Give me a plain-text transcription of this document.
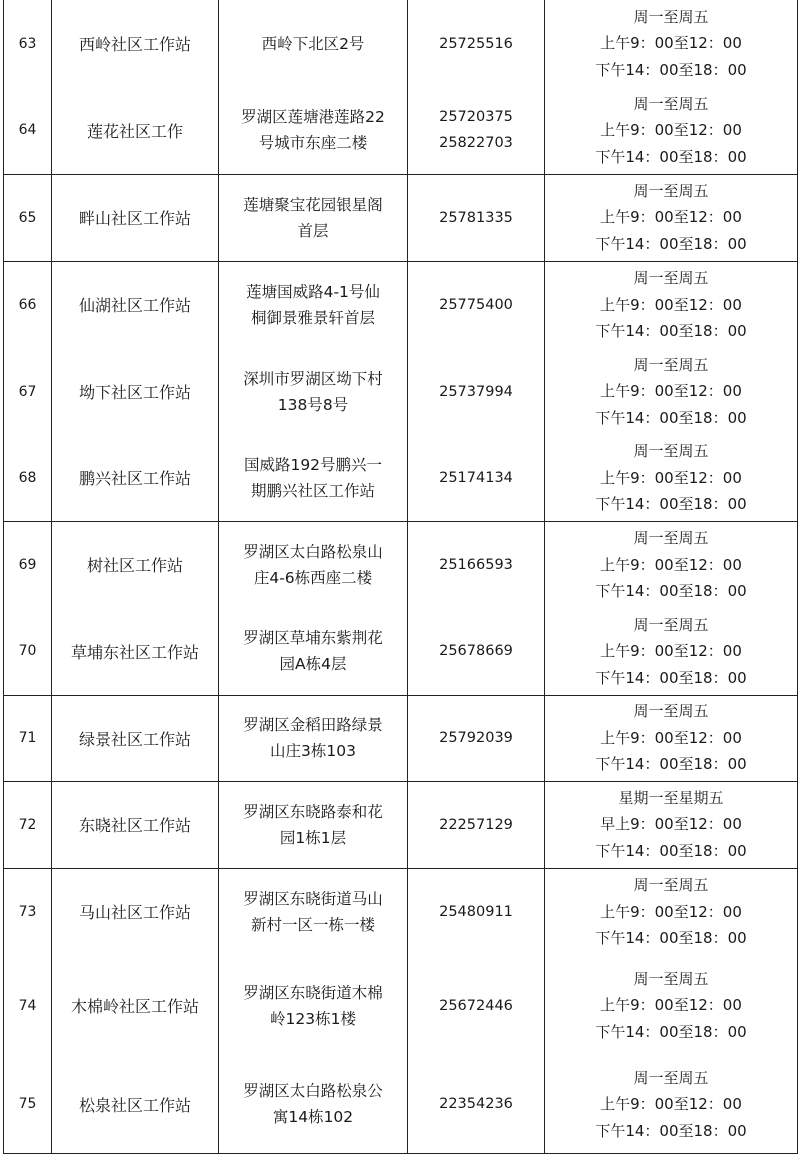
63	西岭社区工作站	西岭下北区2号	25725516	周一至周五
上午9：00至12：00
下午14：00至18：00

64	莲花社区工作	罗湖区莲塘港莲路22
号城市东座二楼	25720375
25822703	周一至周五
上午9：00至12：00
下午14：00至18：00

65	畔山社区工作站	莲塘聚宝花园银星阁
首层	25781335	周一至周五
上午9：00至12：00
下午14：00至18：00

66	仙湖社区工作站	莲塘国威路4-1号仙
桐御景雅景轩首层	25775400	周一至周五
上午9：00至12：00
下午14：00至18：00

67	坳下社区工作站	深圳市罗湖区坳下村
138号8号	25737994	周一至周五
上午9：00至12：00
下午14：00至18：00

68	鹏兴社区工作站	国威路192号鹏兴一
期鹏兴社区工作站	25174134	周一至周五
上午9：00至12：00
下午14：00至18：00

69	树社区工作站	罗湖区太白路松泉山
庄4-6栋西座二楼	25166593	周一至周五
上午9：00至12：00
下午14：00至18：00

70	草埔东社区工作站	罗湖区草埔东紫荆花
园A栋4层	25678669	周一至周五
上午9：00至12：00
下午14：00至18：00

71	绿景社区工作站	罗湖区金稻田路绿景
山庄3栋103	25792039	周一至周五
上午9：00至12：00
下午14：00至18：00

72	东晓社区工作站	罗湖区东晓路泰和花
园1栋1层	22257129	星期一至星期五
早上9：00至12：00
下午14：00至18：00

73	马山社区工作站	罗湖区东晓街道马山
新村一区一栋一楼	25480911	周一至周五
上午9：00至12：00
下午14：00至18：00

74	木棉岭社区工作站	罗湖区东晓街道木棉
岭123栋1楼	25672446	周一至周五
上午9：00至12：00
下午14：00至18：00

75	松泉社区工作站	罗湖区太白路松泉公
寓14栋102	22354236	周一至周五
上午9：00至12：00
下午14：00至18：00
